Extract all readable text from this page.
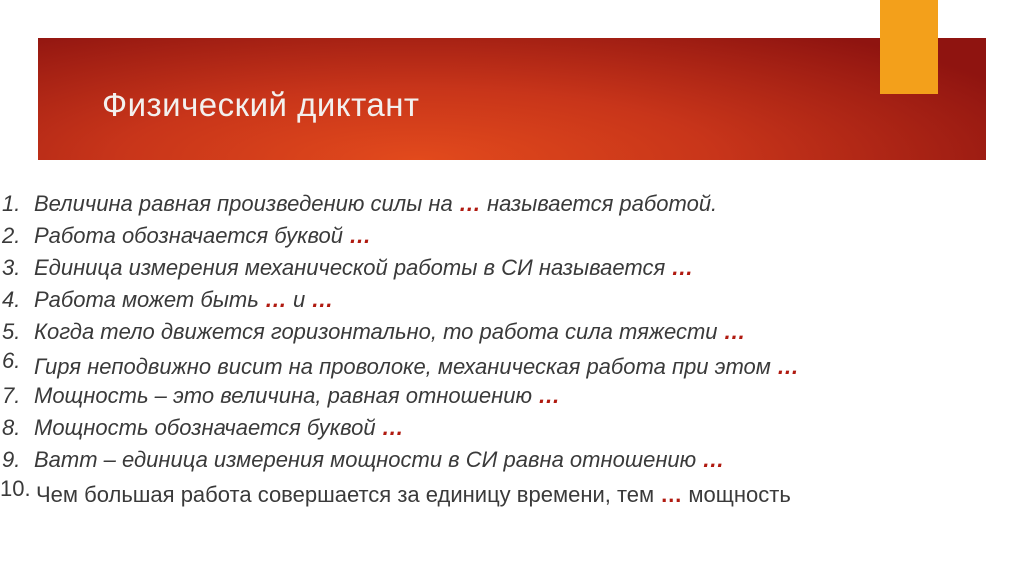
Физический диктант
1. Величина равная произведению силы на … называется работой.
2. Работа обозначается буквой …
3. Единица измерения механической работы в СИ называется …
4. Работа может быть … и …
5. Когда тело движется горизонтально, то работа сила тяжести …
6. Гиря неподвижно висит на проволоке, механическая работа при этом …
7. Мощность – это величина, равная отношению …
8. Мощность обозначается буквой …
9. Ватт – единица измерения мощности в СИ равна отношению …
10. Чем большая работа совершается за единицу времени, тем … мощность
